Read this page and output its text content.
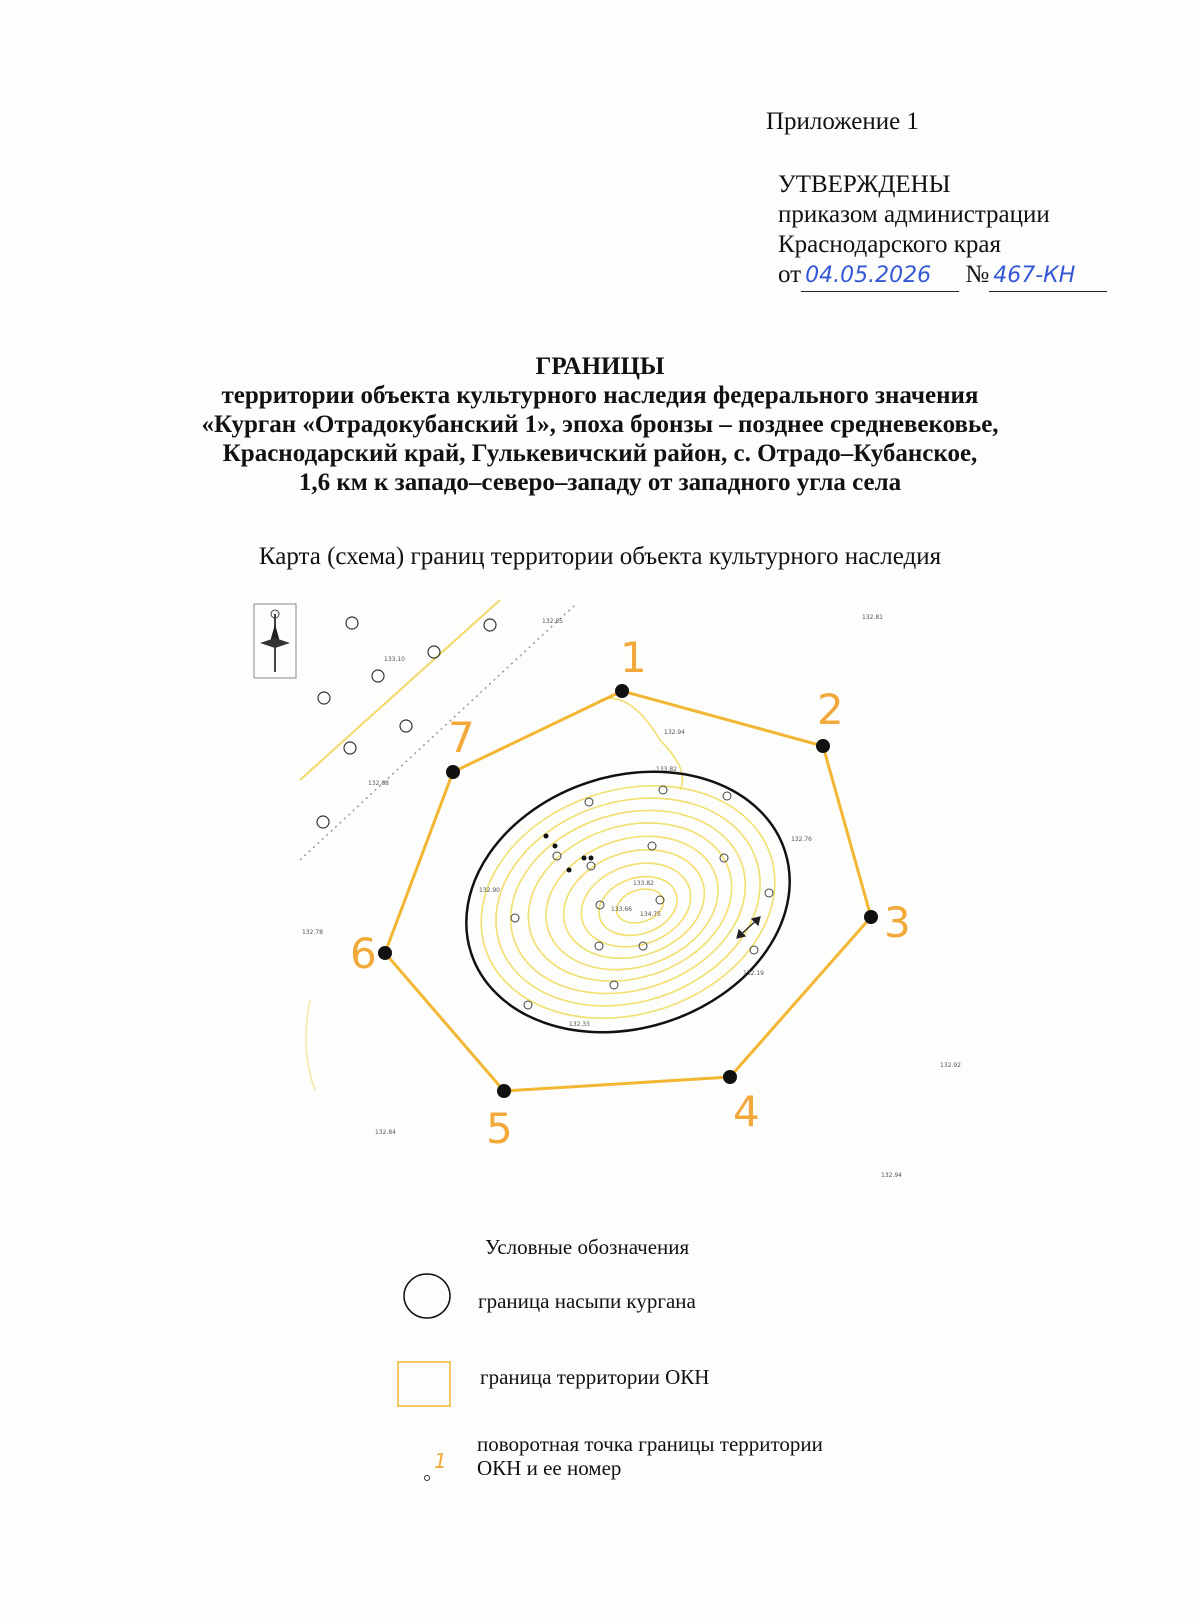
Приложение 1
УТВЕРЖДЕНЫ
приказом администрации
Краснодарского края
от 04.05.2026 № 467-КН
ГРАНИЦЫ
территории объекта культурного наследия федерального значения
«Курган «Отрадокубанский 1», эпоха бронзы – позднее средневековье,
Краснодарский край, Гулькевичский район, с. Отрадо–Кубанское,
1,6 км к западо–северо–западу от западного угла села
Карта (схема) границ территории объекта культурного наследия
132.85
132.81
133.10
132.94
132.88
133.82
132.76
132.90
133.82
133.66
134.75
132.78
132.19
132.33
132.92
132.84
132.94
1
2
3
4
5
6
7
1
Условные обозначения
граница насыпи кургана
граница территории ОКН
поворотная точка границы территории
ОКН и ее номер
